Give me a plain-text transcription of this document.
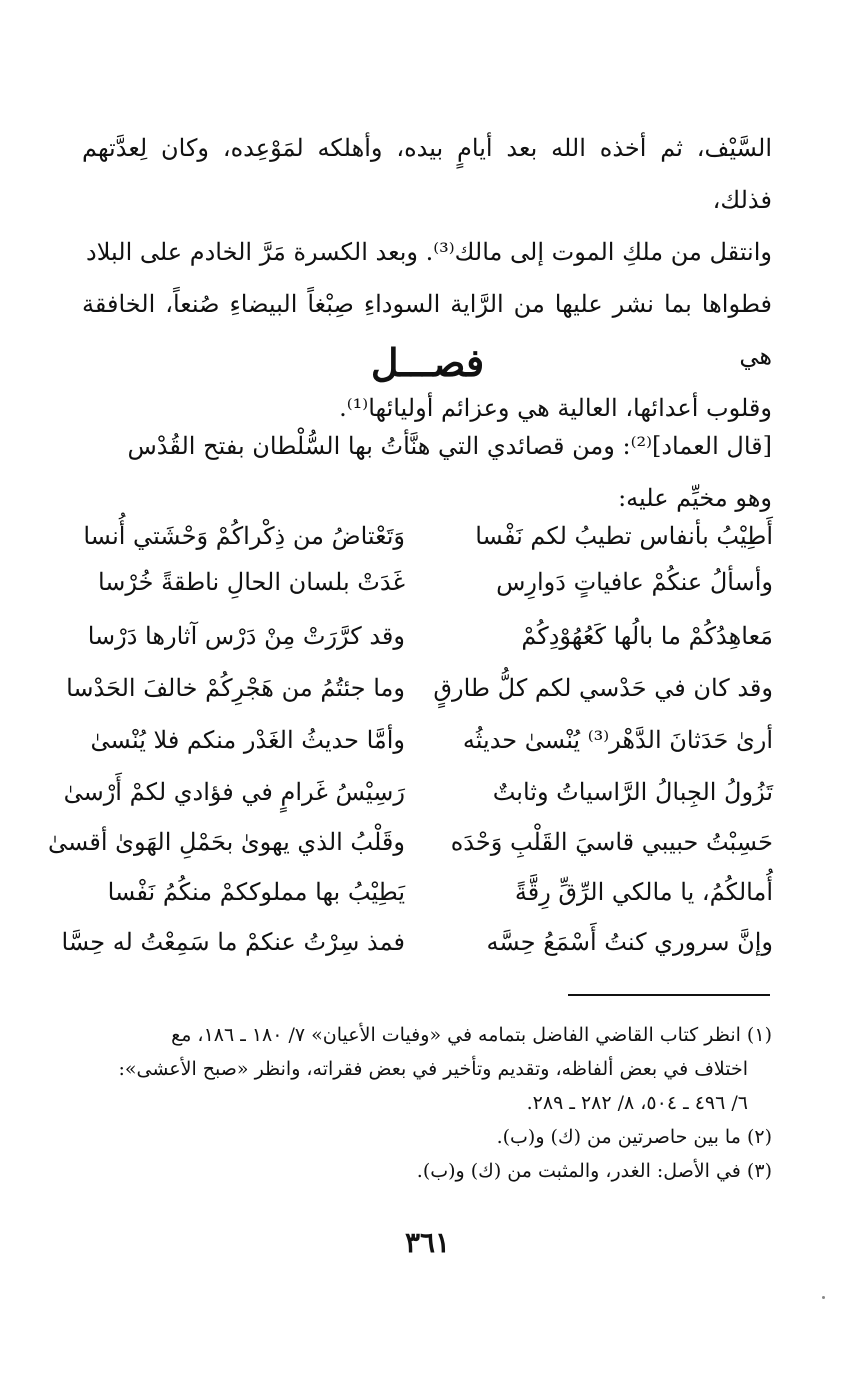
السَّيْف، ثم أخذه الله بعد أيامٍ بيده، وأهلكه لمَوْعِده، وكان لِعدَّتهم فذلك،

وانتقل من ملكِ الموت إلى مالك⁽³⁾. وبعد الكسرة مَرَّ الخادم على البلاد

فطواها بما نشر عليها من الرَّاية السوداءِ صِبْغاً البيضاءِ صُنعاً، الخافقة هي

وقلوب أعدائها، العالية هي وعزائم أوليائها⁽¹⁾.

فصـــل

[قال العماد]⁽²⁾: ومن قصائدي التي هنَّأتُ بها السُّلْطان بفتح القُدْس

وهو مخيِّم عليه:

أَطِيْبُ بأنفاس تطيبُ لكم نَفْسا
وَتَعْتاضُ من ذِكْراكُمْ وَحْشَتي أُنسا
وأسألُ عنكُمْ عافياتٍ دَوارِس
غَدَتْ بلسان الحالِ ناطقةً خُرْسا
مَعاهِدُكُمْ ما بالُها كَعُهُوْدِكُمْ
وقد كرَّرَتْ مِنْ دَرْس آثارها دَرْسا
وقد كان في حَدْسي لكم كلُّ طارقٍ
وما جئتُمُ من هَجْرِكُمْ خالفَ الحَدْسا
أرىٰ حَدَثانَ الدَّهْر⁽³⁾ يُنْسىٰ حديثُه
وأمَّا حديثُ الغَدْر منكم فلا يُنْسىٰ
تَزُولُ الجِبالُ الرَّاسياتُ وثابتٌ
رَسِيْسُ غَرامٍ في فؤادي لكمْ أَرْسىٰ
حَسِبْتُ حبيبي قاسيَ القَلْبِ وَحْدَه
وقَلْبُ الذي يهوىٰ بحَمْلِ الهَوىٰ أقسىٰ
أُمالكُمُ، يا مالكي الرِّقِّ رِقَّةً
يَطِيْبُ بها مملوككمْ منكُمُ نَفْسا
وإنَّ سروري كنتُ أَسْمَعُ حِسَّه
فمذ سِرْتُ عنكمْ ما سَمِعْتُ له حِسَّا

(١) انظر كتاب القاضي الفاضل بتمامه في «وفيات الأعيان» ٧/ ١٨٠ ـ ١٨٦، مع

اختلاف في بعض ألفاظه، وتقديم وتأخير في بعض فقراته، وانظر «صبح الأعشى»:

٦/ ٤٩٦ ـ ٥٠٤، ٨/ ٢٨٢ ـ ٢٨٩.

(٢) ما بين حاصرتين من (ك) و(ب).

(٣) في الأصل: الغدر، والمثبت من (ك) و(ب).

٣٦١
